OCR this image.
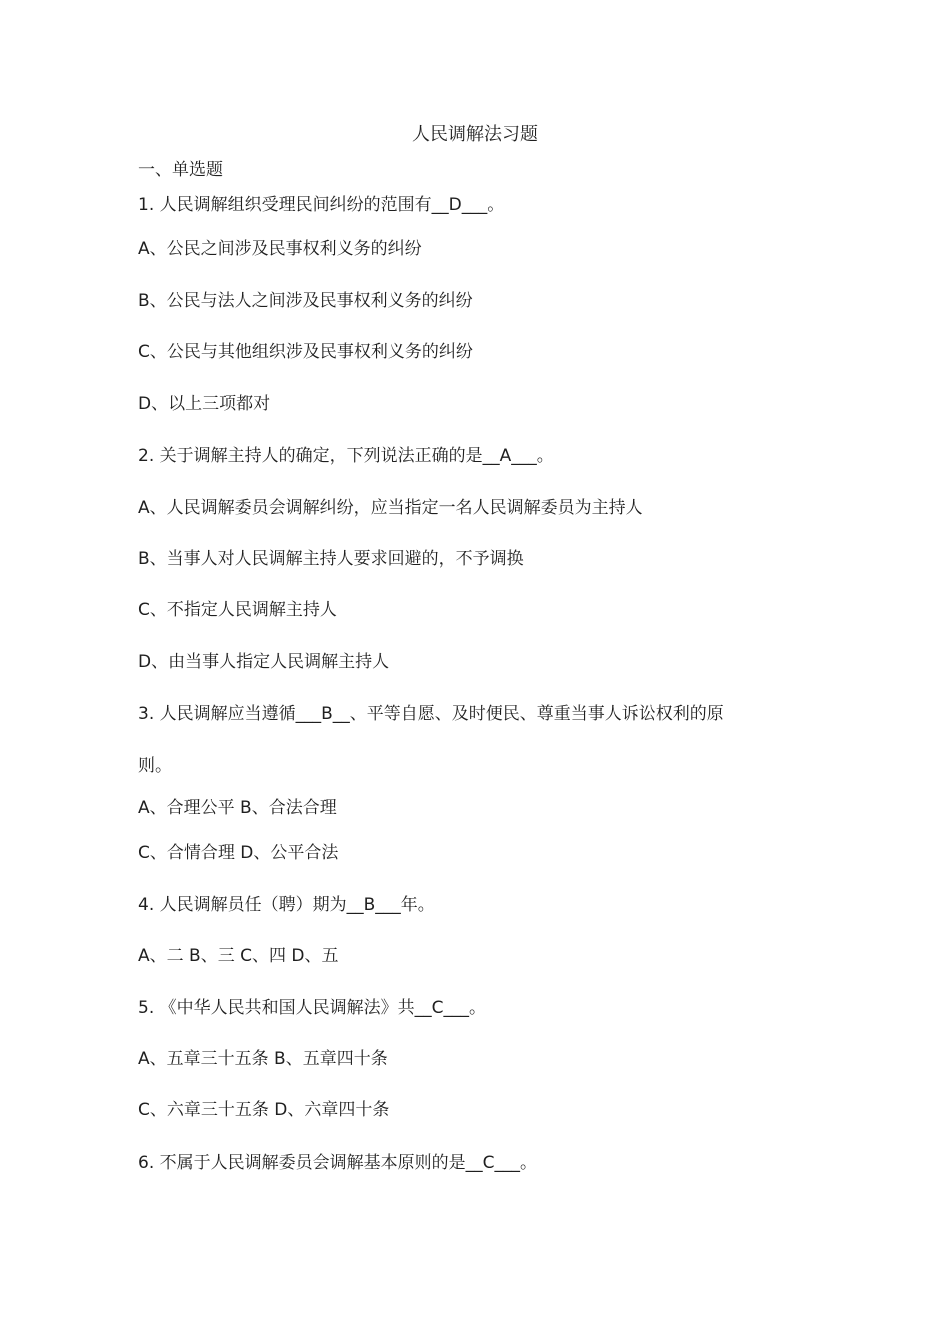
人民调解法习题
一、单选题
1. 人民调解组织受理民间纠纷的范围有__D___。
A、公民之间涉及民事权利义务的纠纷
B、公民与法人之间涉及民事权利义务的纠纷
C、公民与其他组织涉及民事权利义务的纠纷
D、以上三项都对
2. 关于调解主持人的确定，下列说法正确的是__A___。
A、人民调解委员会调解纠纷，应当指定一名人民调解委员为主持人
B、当事人对人民调解主持人要求回避的，不予调换
C、不指定人民调解主持人
D、由当事人指定人民调解主持人
3. 人民调解应当遵循___B__、平等自愿、及时便民、尊重当事人诉讼权利的原
则。
A、合理公平 B、合法合理
C、合情合理 D、公平合法
4. 人民调解员任（聘）期为__B___年。
A、二 B、三 C、四 D、五
5. 《中华人民共和国人民调解法》共__C___。
A、五章三十五条 B、五章四十条
C、六章三十五条 D、六章四十条
6. 不属于人民调解委员会调解基本原则的是__C___。
